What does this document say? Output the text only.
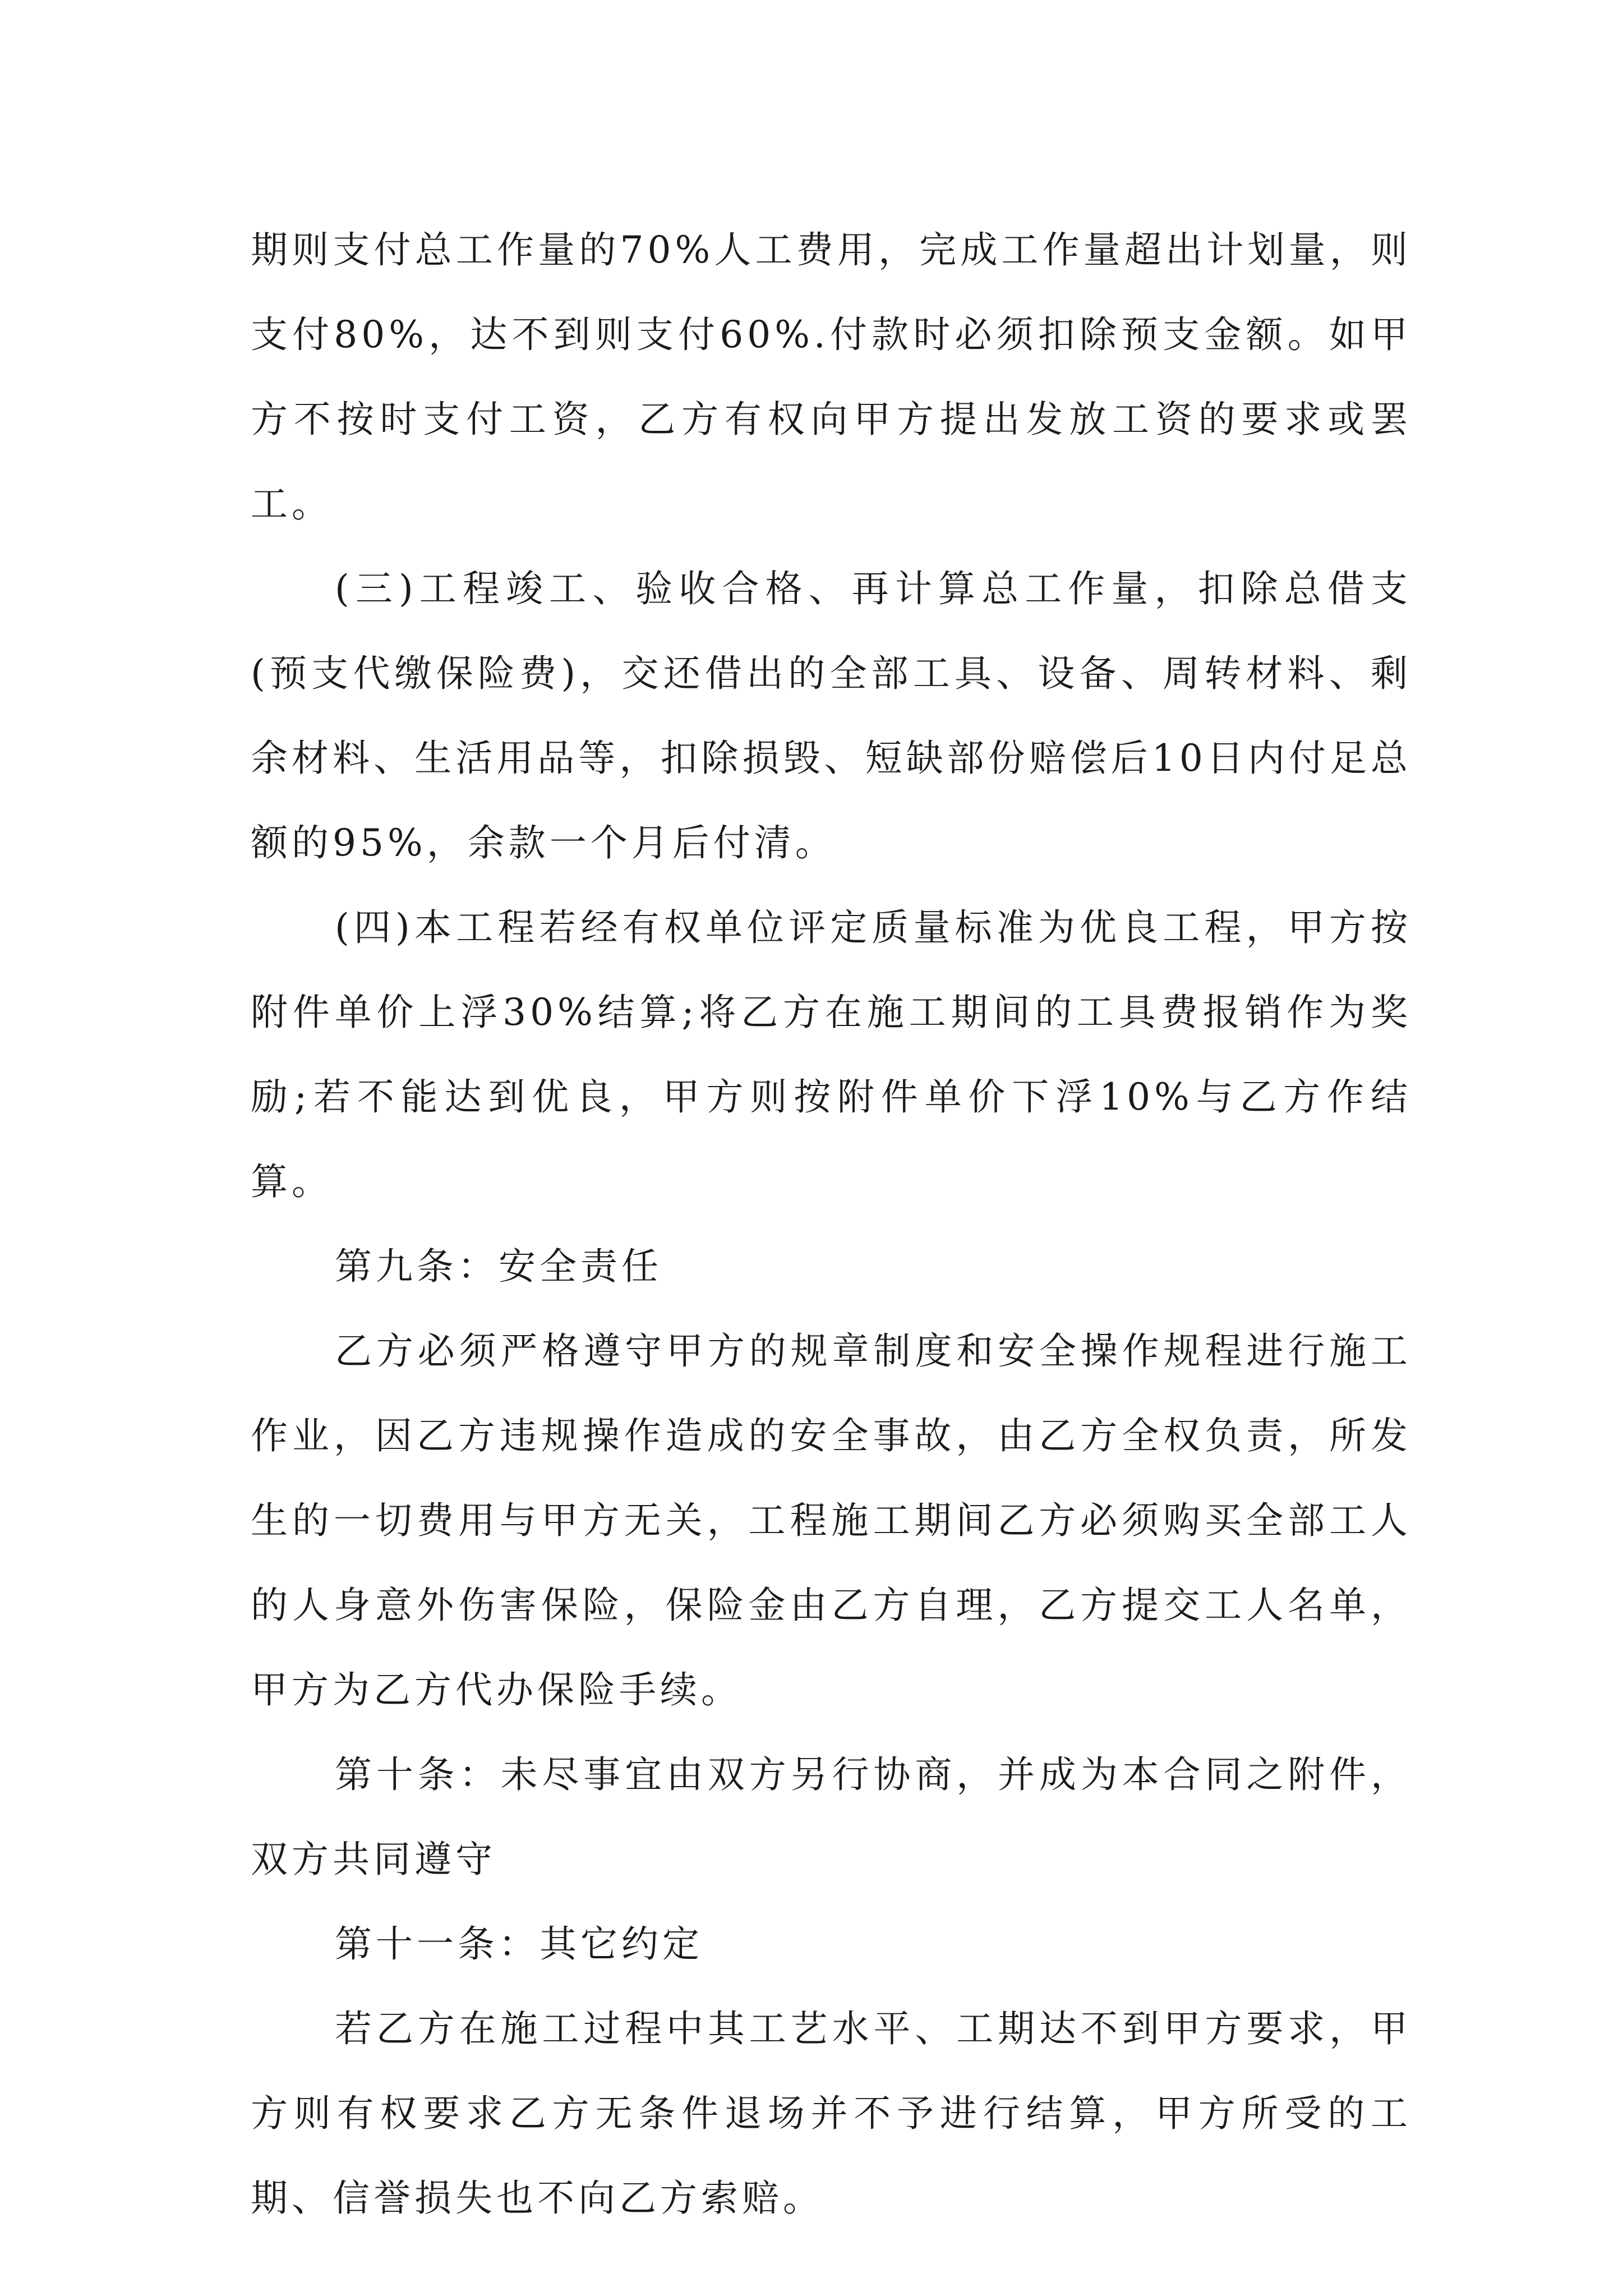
期则支付总工作量的70%人工费用，完成工作量超出计划量，则支付80%，达不到则支付60%.付款时必须扣除预支金额。如甲方不按时支付工资，乙方有权向甲方提出发放工资的要求或罢工。

(三)工程竣工、验收合格、再计算总工作量，扣除总借支(预支代缴保险费)，交还借出的全部工具、设备、周转材料、剩余材料、生活用品等，扣除损毁、短缺部份赔偿后10日内付足总额的95%，余款一个月后付清。

(四)本工程若经有权单位评定质量标准为优良工程，甲方按附件单价上浮30%结算;将乙方在施工期间的工具费报销作为奖励;若不能达到优良，甲方则按附件单价下浮10%与乙方作结算。

第九条：安全责任

乙方必须严格遵守甲方的规章制度和安全操作规程进行施工作业，因乙方违规操作造成的安全事故，由乙方全权负责，所发生的一切费用与甲方无关，工程施工期间乙方必须购买全部工人的人身意外伤害保险，保险金由乙方自理，乙方提交工人名单，甲方为乙方代办保险手续。

第十条：未尽事宜由双方另行协商，并成为本合同之附件，双方共同遵守

第十一条：其它约定

若乙方在施工过程中其工艺水平、工期达不到甲方要求，甲方则有权要求乙方无条件退场并不予进行结算，甲方所受的工期、信誉损失也不向乙方索赔。
